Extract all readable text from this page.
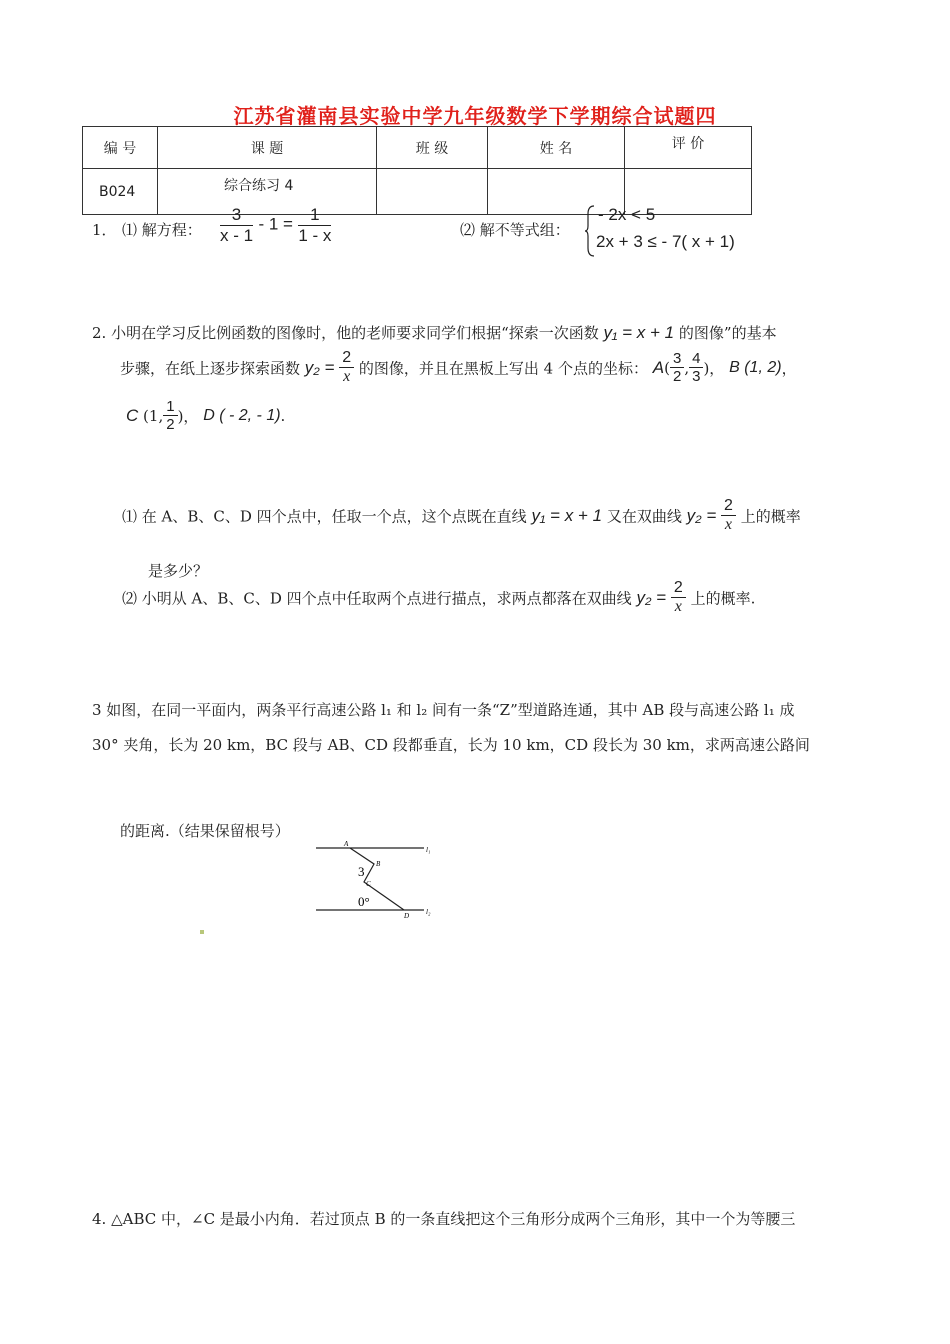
江苏省灌南县实验中学九年级数学下学期综合试题四
编 号	课 题	班 级	姓 名	评 价
B024	综合练习 4			
1． ⑴ 解方程： $\frac{3}{x - 1} - 1 = \frac{1}{1 - x}$	⑵ 解不等式组：
- 2x < 5
2x + 3 ≤ - 7( x + 1)
2. 小明在学习反比例函数的图像时，他的老师要求同学们根据“探索一次函数 y₁ = x + 1 的图像”的基本
步骤，在纸上逐步探索函数 $y_2 = \frac{2}{x}$ 的图像，并且在黑板上写出 4 个点的坐标： $A( \frac{3}{2}$ , $\frac{4}{3}$ )， B (1, 2)，
C (1, $\frac{1}{2}$ )， D ( - 2, - 1).
⑴ 在 A、B、C、D 四个点中，任取一个点，这个点既在直线 y₁ = x + 1 又在双曲线 $y_2 = \frac{2}{x}$ 上的概率
是多少？
⑵ 小明从 A、B、C、D 四个点中任取两个点进行描点，求两点都落在双曲线 $y_2 = \frac{2}{x}$ 上的概率.
3 如图，在同一平面内，两条平行高速公路 l₁ 和 l₂ 间有一条“Z”型道路连通，其中 AB 段与高速公路 l₁ 成
30° 夹角，长为 20 km，BC 段与 AB、CD 段都垂直，长为 10 km，CD 段长为 30 km，求两高速公路间
的距离.（结果保留根号）
A
B
C
D
l₁
l₂
3
0°
4. △ABC 中，∠C 是最小内角．若过顶点 B 的一条直线把这个三角形分成两个三角形，其中一个为等腰三
